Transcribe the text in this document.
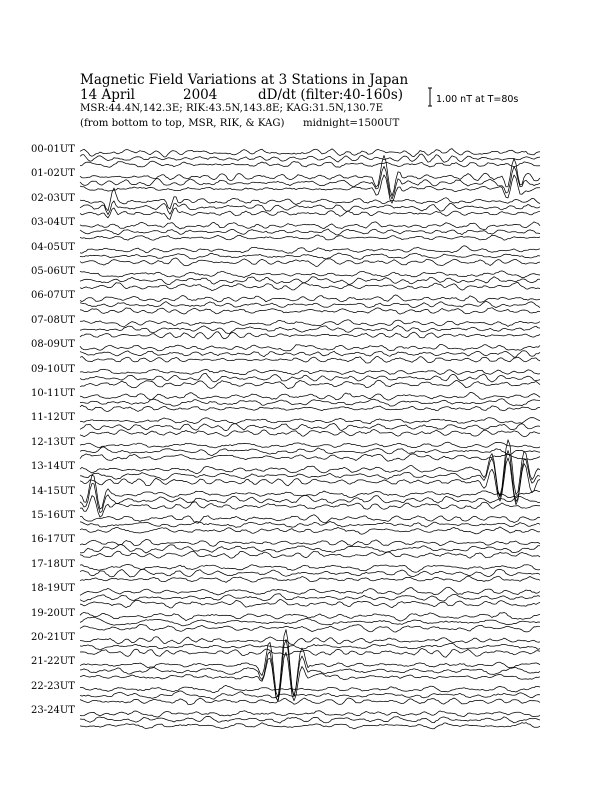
Magnetic Field Variations at 3 Stations in Japan
14 April	2004	dD/dt (filter:40-160s)
MSR:44.4N,142.3E; RIK:43.5N,143.8E; KAG:31.5N,130.7E
(from bottom to top, MSR, RIK, & KAG) midnight=1500UT
1.00 nT at T=80s
00-01UT
01-02UT
02-03UT
03-04UT
04-05UT
05-06UT
06-07UT
07-08UT
08-09UT
09-10UT
10-11UT
11-12UT
12-13UT
13-14UT
14-15UT
15-16UT
16-17UT
17-18UT
18-19UT
19-20UT
20-21UT
21-22UT
22-23UT
23-24UT
